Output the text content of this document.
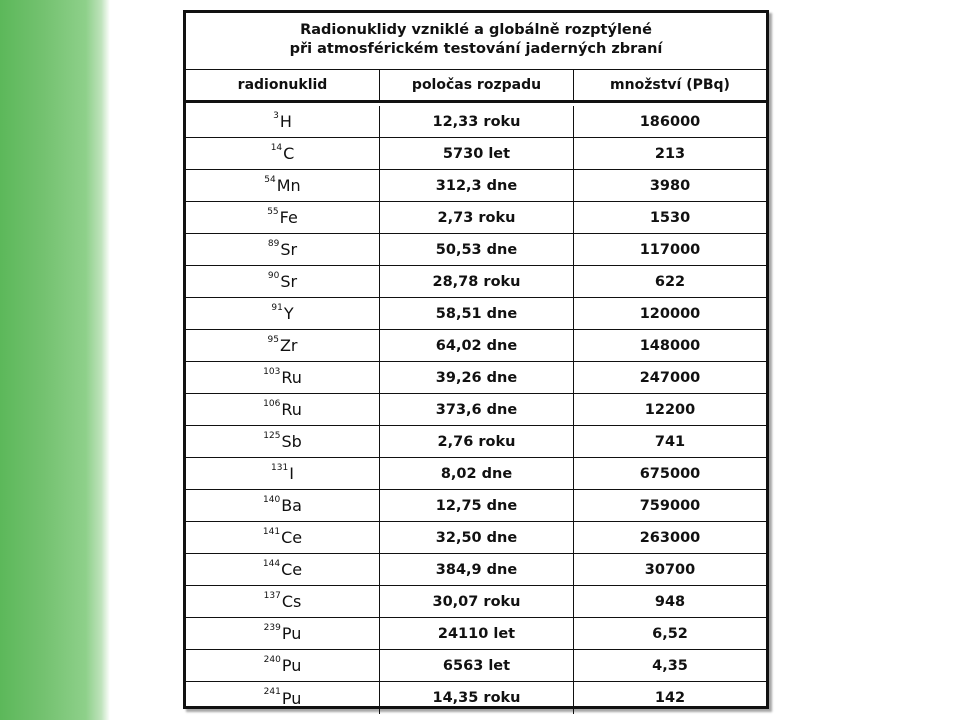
Radionuklidy vzniklé a globálně rozptýlené
při atmosférickém testování jaderných zbraní
radionuklid	poločas rozpadu	množství (PBq)
3 H	12,33 roku	186000
14 C	5730 let	213
54 Mn	312,3 dne	3980
55 Fe	2,73 roku	1530
89 Sr	50,53 dne	117000
90 Sr	28,78 roku	622
91 Y	58,51 dne	120000
95 Zr	64,02 dne	148000
103 Ru	39,26 dne	247000
106 Ru	373,6 dne	12200
125 Sb	2,76 roku	741
131 I	8,02 dne	675000
140 Ba	12,75 dne	759000
141 Ce	32,50 dne	263000
144 Ce	384,9 dne	30700
137 Cs	30,07 roku	948
239 Pu	24110 let	6,52
240 Pu	6563 let	4,35
241 Pu	14,35 roku	142
